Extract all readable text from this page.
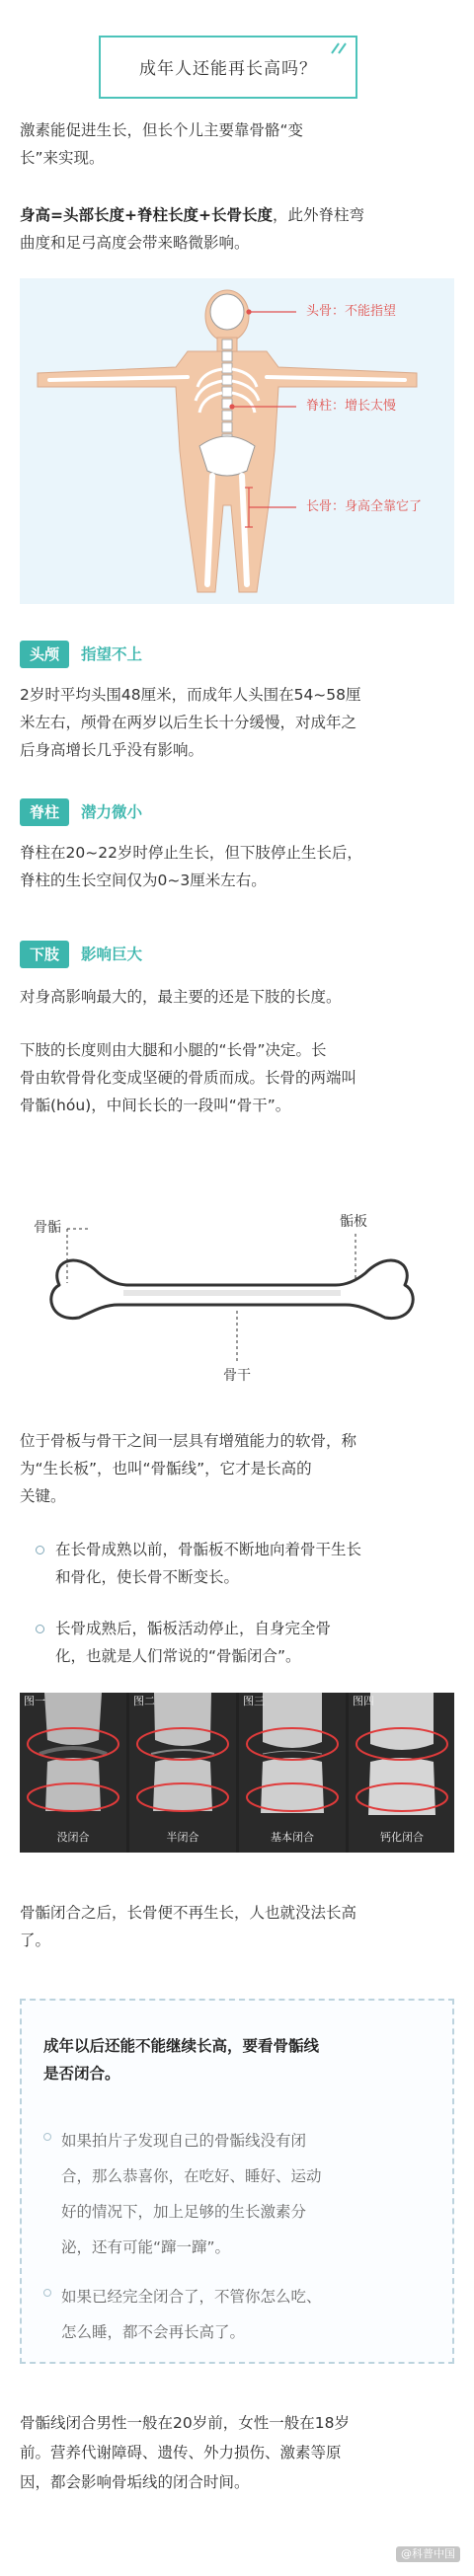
成年人还能再长高吗？
激素能促进生长，但长个儿主要靠骨骼“变
长”来实现。
身高=头部长度+脊柱长度+长骨长度，此外脊柱弯
曲度和足弓高度会带来略微影响。
头骨：不能指望
脊柱：增长太慢
长骨：身高全靠它了
头颅	指望不上
2岁时平均头围48厘米，而成年人头围在54~58厘
米左右，颅骨在两岁以后生长十分缓慢，对成年之
后身高增长几乎没有影响。
脊柱	潜力微小
脊柱在20~22岁时停止生长，但下肢停止生长后，
脊柱的生长空间仅为0~3厘米左右。
下肢	影响巨大
对身高影响最大的，最主要的还是下肢的长度。
下肢的长度则由大腿和小腿的“长骨”决定。长
骨由软骨骨化变成坚硬的骨质而成。长骨的两端叫
骨骺(hóu)，中间长长的一段叫“骨干”。
骨骺	骺板
骨干
位于骨板与骨干之间一层具有增殖能力的软骨，称
为“生长板”，也叫“骨骺线”，它才是长高的
关键。
在长骨成熟以前，骨骺板不断地向着骨干生长
和骨化，使长骨不断变长。
长骨成熟后，骺板活动停止，自身完全骨
化，也就是人们常说的“骨骺闭合”。
图一
没闭合
图二
半闭合
图三
基本闭合
图四
钙化闭合
骨骺闭合之后，长骨便不再生长，人也就没法长高
了。
成年以后还能不能继续长高，要看骨骺线
是否闭合。
如果拍片子发现自己的骨骺线没有闭
合，那么恭喜你，在吃好、睡好、运动
好的情况下，加上足够的生长激素分
泌，还有可能“蹿一蹿”。
如果已经完全闭合了，不管你怎么吃、
怎么睡，都不会再长高了。
骨骺线闭合男性一般在20岁前，女性一般在18岁
前。营养代谢障碍、遗传、外力损伤、激素等原
因，都会影响骨垢线的闭合时间。
@科普中国
